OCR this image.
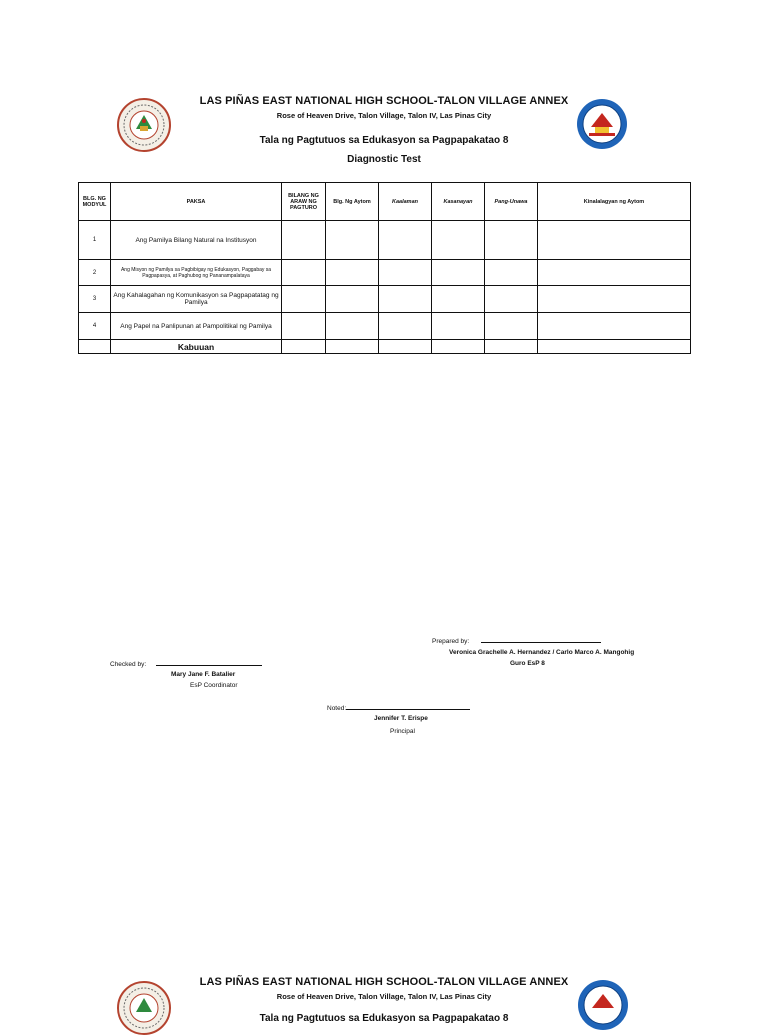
LAS PIÑAS EAST NATIONAL HIGH SCHOOL-TALON VILLAGE ANNEX
Rose of Heaven Drive, Talon Village, Talon IV, Las Pinas City
Tala ng Pagtutuos sa Edukasyon sa Pagpapakatao 8
Diagnostic Test
BLG. NG MODYUL	PAKSA	BILANG NG ARAW NG PAGTURO	Blg. Ng Aytom	Kaalaman	Kasanayan	Pang-Unawa	Kinalalagyan ng Aytom
1	Ang Pamilya Bilang Natural na Institusyon						
2	Ang Misyon ng Pamilya sa Pagbibigay ng Edukasyon, Paggabay sa Pagpapasya, at Paghubog ng Pananampalataya						
3	Ang Kahalagahan ng Komunikasyon sa Pagpapatatag ng Pamilya						
4	Ang Papel na Panlipunan at Pampolitikal ng Pamilya						
	Kabuuan						
Prepared by:
Veronica Grachelle A. Hernandez / Carlo Marco A. Mangohig
Guro EsP 8
Checked by:
Mary Jane F. Batalier
EsP Coordinator
Noted:
Jennifer T. Erispe
Principal
LAS PIÑAS EAST NATIONAL HIGH SCHOOL-TALON VILLAGE ANNEX
Rose of Heaven Drive, Talon Village, Talon IV, Las Pinas City
Tala ng Pagtutuos sa Edukasyon sa Pagpapakatao 8
